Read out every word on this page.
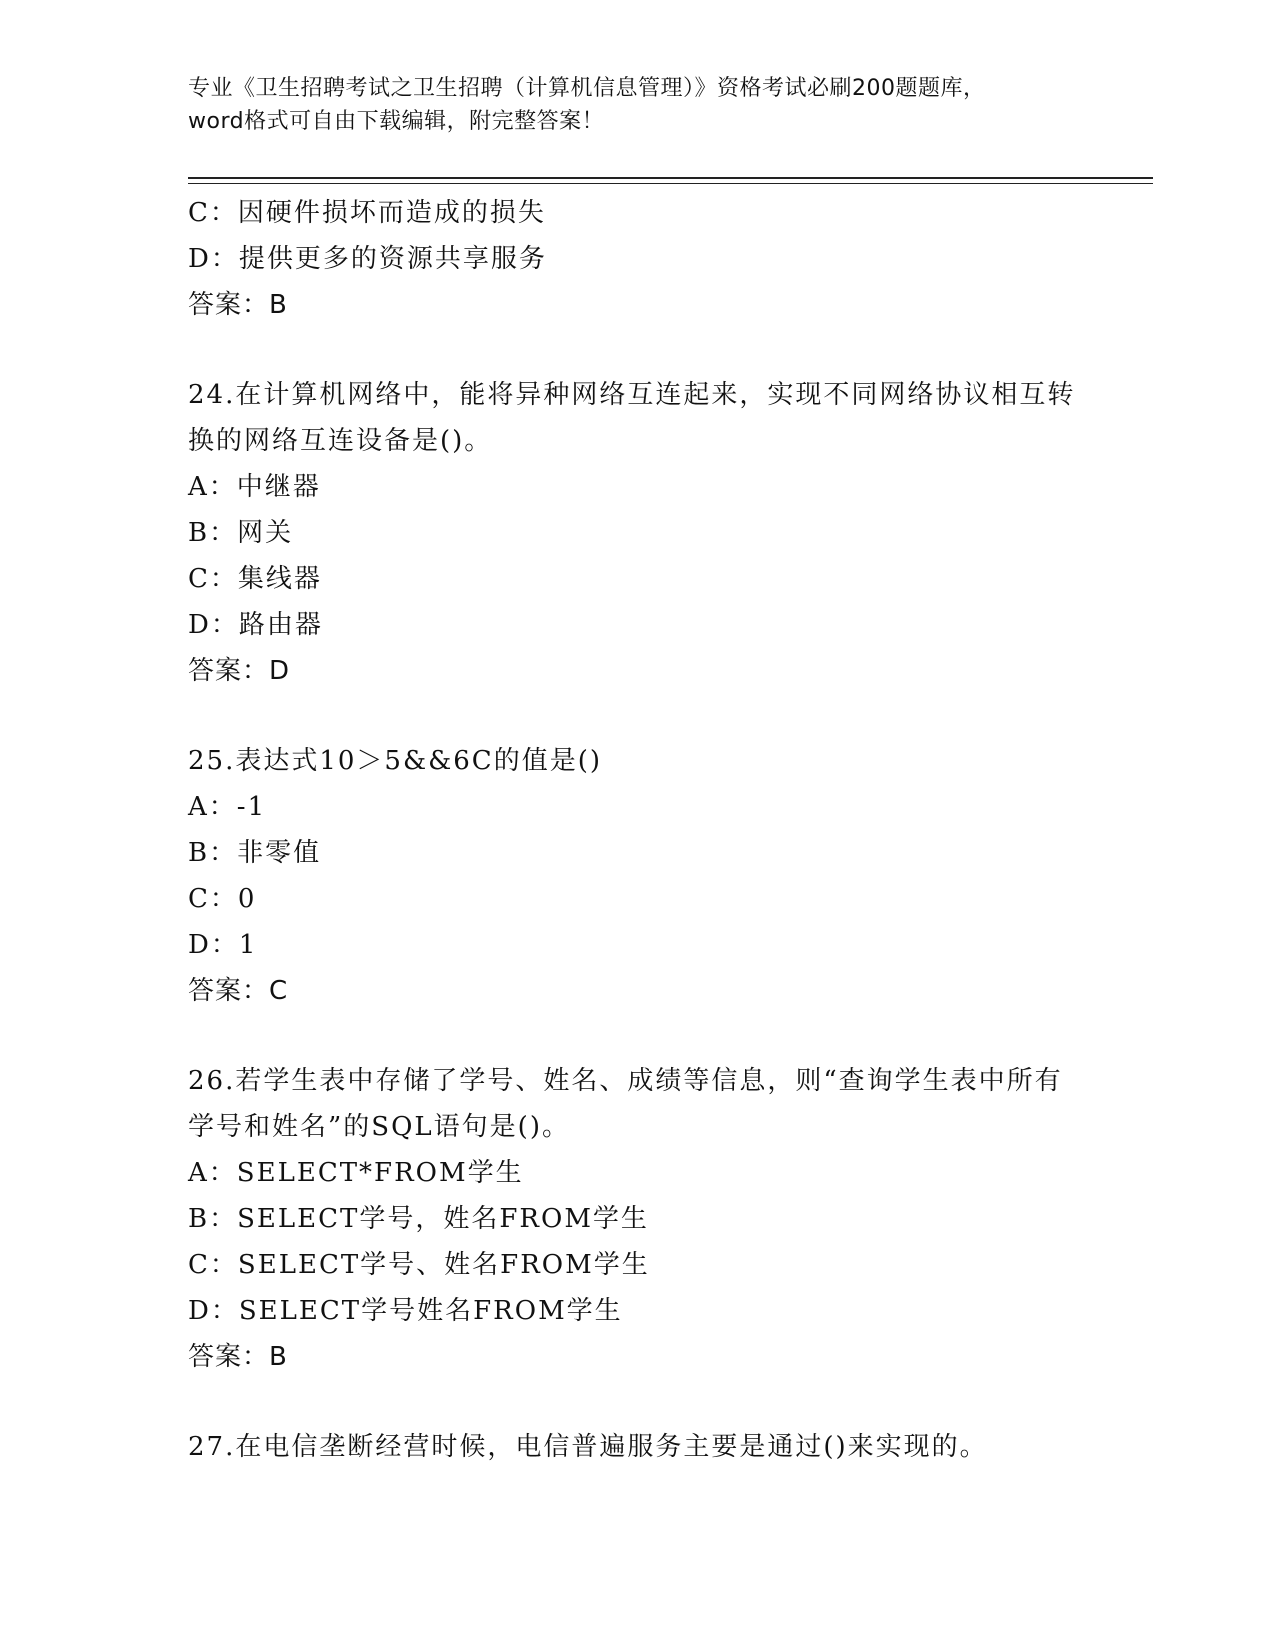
专业《卫生招聘考试之卫生招聘（计算机信息管理）》资格考试必刷200题题库，
word格式可自由下载编辑，附完整答案！
C：因硬件损坏而造成的损失
D：提供更多的资源共享服务
答案：B
24.在计算机网络中，能将异种网络互连起来，实现不同网络协议相互转换的网络互连设备是()。
A：中继器
B：网关
C：集线器
D：路由器
答案：D
25.表达式10＞5&&6C的值是()
A：-1
B：非零值
C：0
D：1
答案：C
26.若学生表中存储了学号、姓名、成绩等信息，则“查询学生表中所有学号和姓名”的SQL语句是()。
A：SELECT*FROM学生
B：SELECT学号，姓名FROM学生
C：SELECT学号、姓名FROM学生
D：SELECT学号姓名FROM学生
答案：B
27.在电信垄断经营时候，电信普遍服务主要是通过()来实现的。
